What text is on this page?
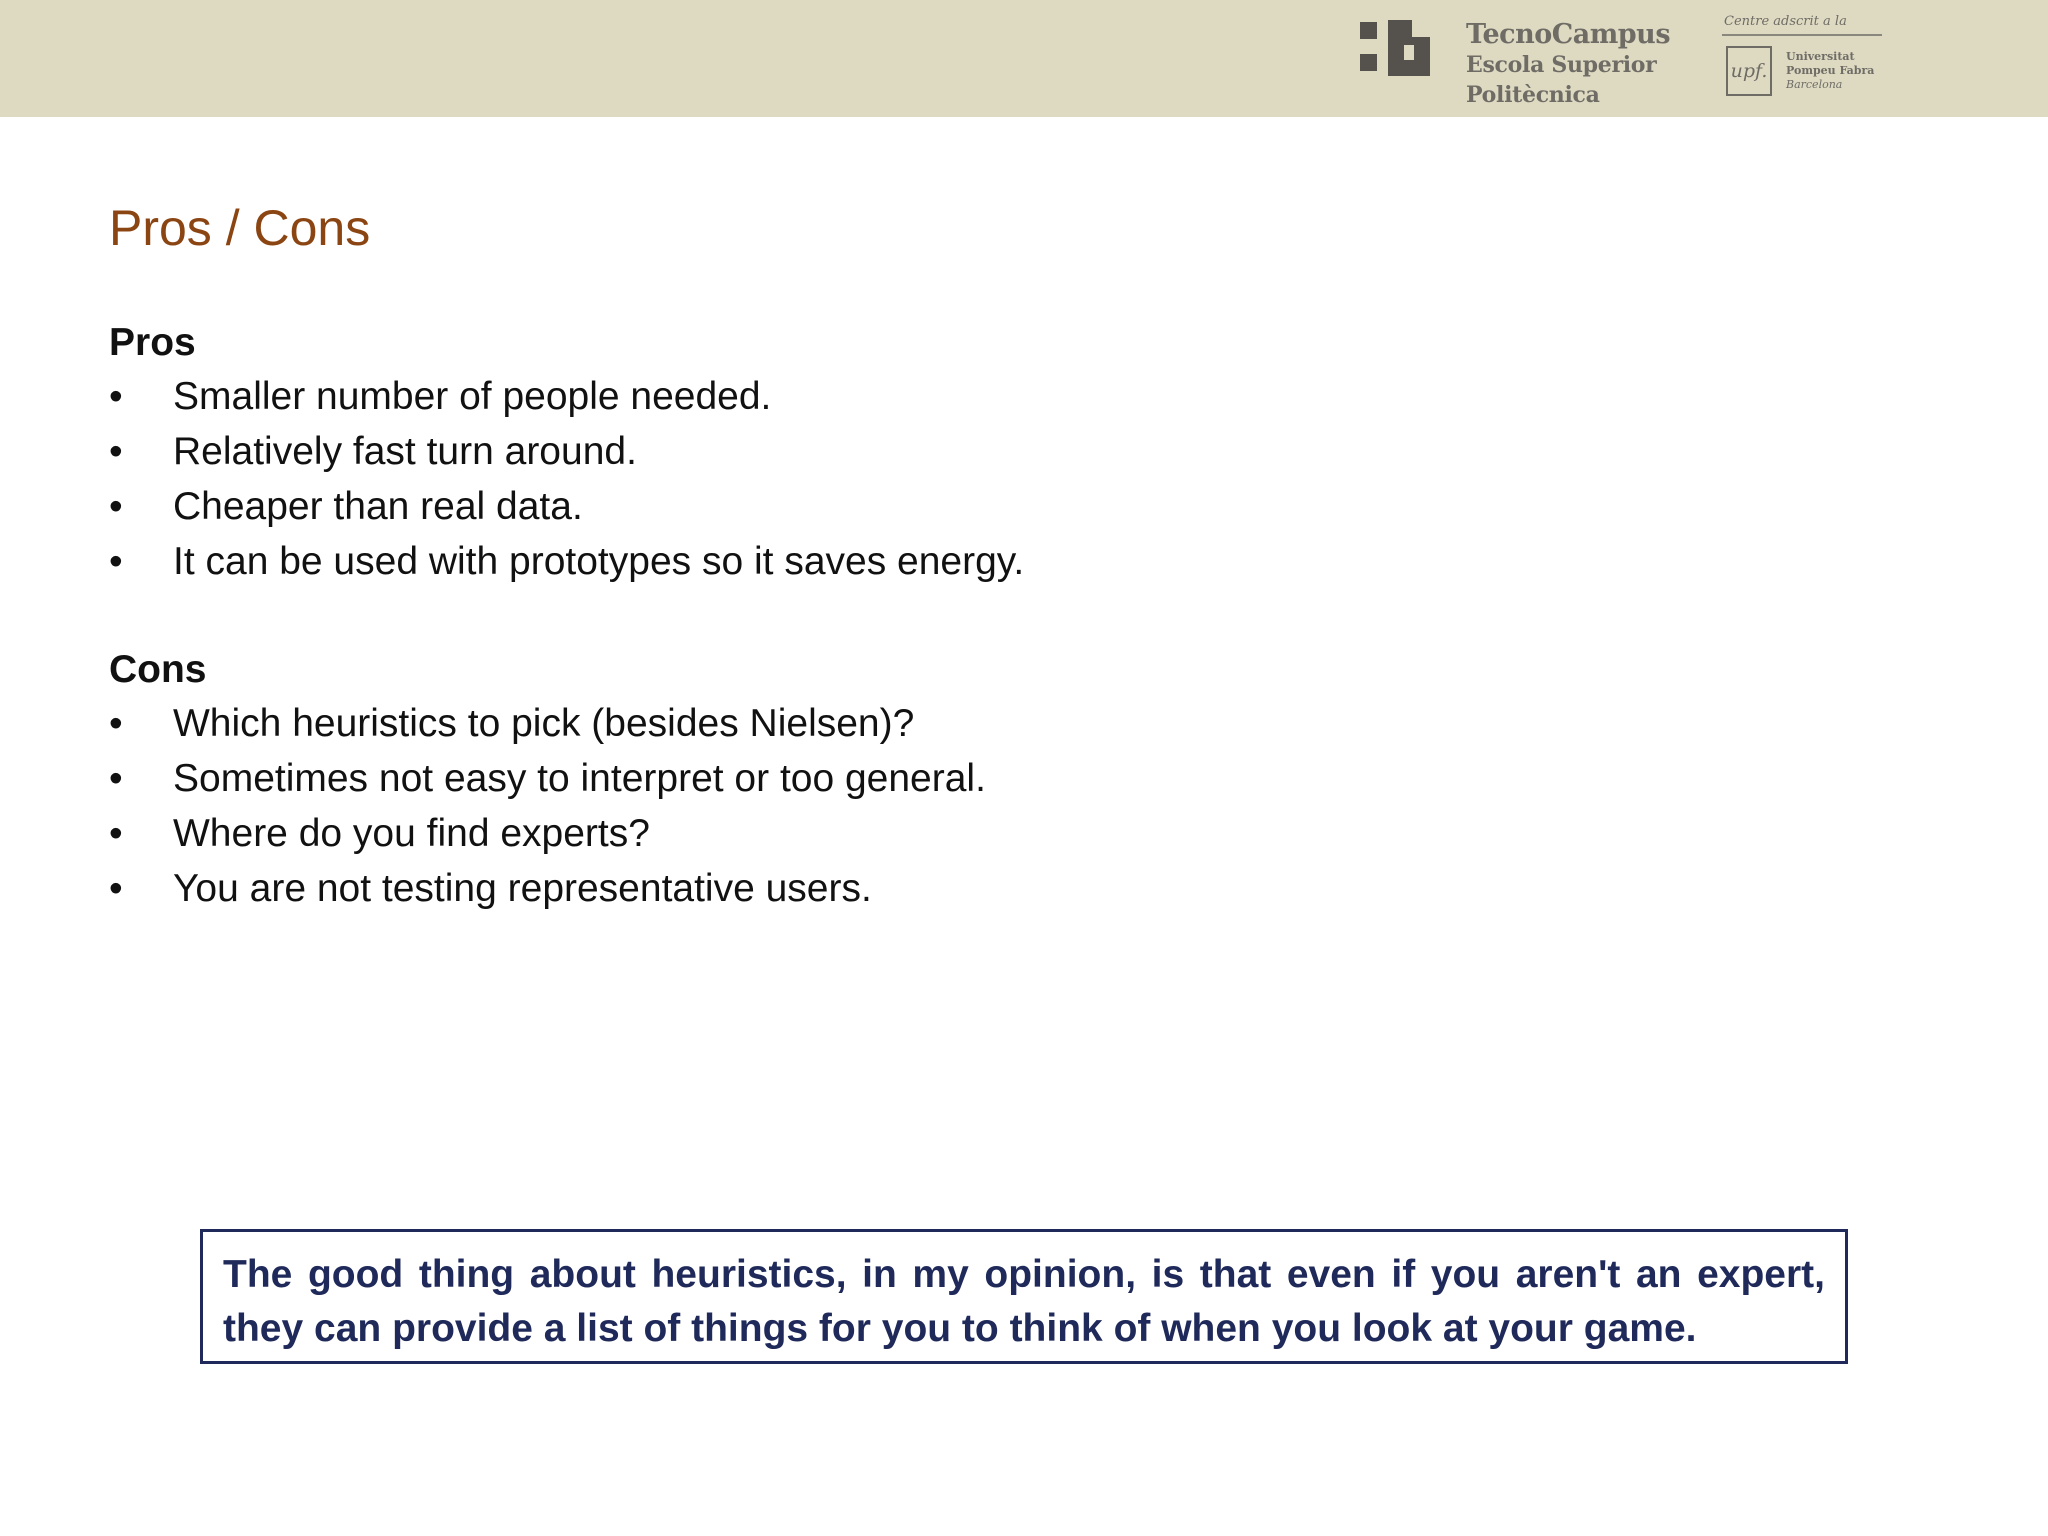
TecnoCampus
Escola Superior
Politècnica
Centre adscrit a la
upf.
Universitat
Pompeu Fabra
Barcelona
Pros / Cons
Pros
•	Smaller number of people needed.
•	Relatively fast turn around.
•	Cheaper than real data.
•	It can be used with prototypes so it saves energy.
Cons
•	Which heuristics to pick (besides Nielsen)?
•	Sometimes not easy to interpret or too general.
•	Where do you find experts?
•	You are not testing representative users.
The good thing about heuristics, in my opinion, is that even if you aren't an expert, they can provide a list of things for you to think of when you look at your game.
